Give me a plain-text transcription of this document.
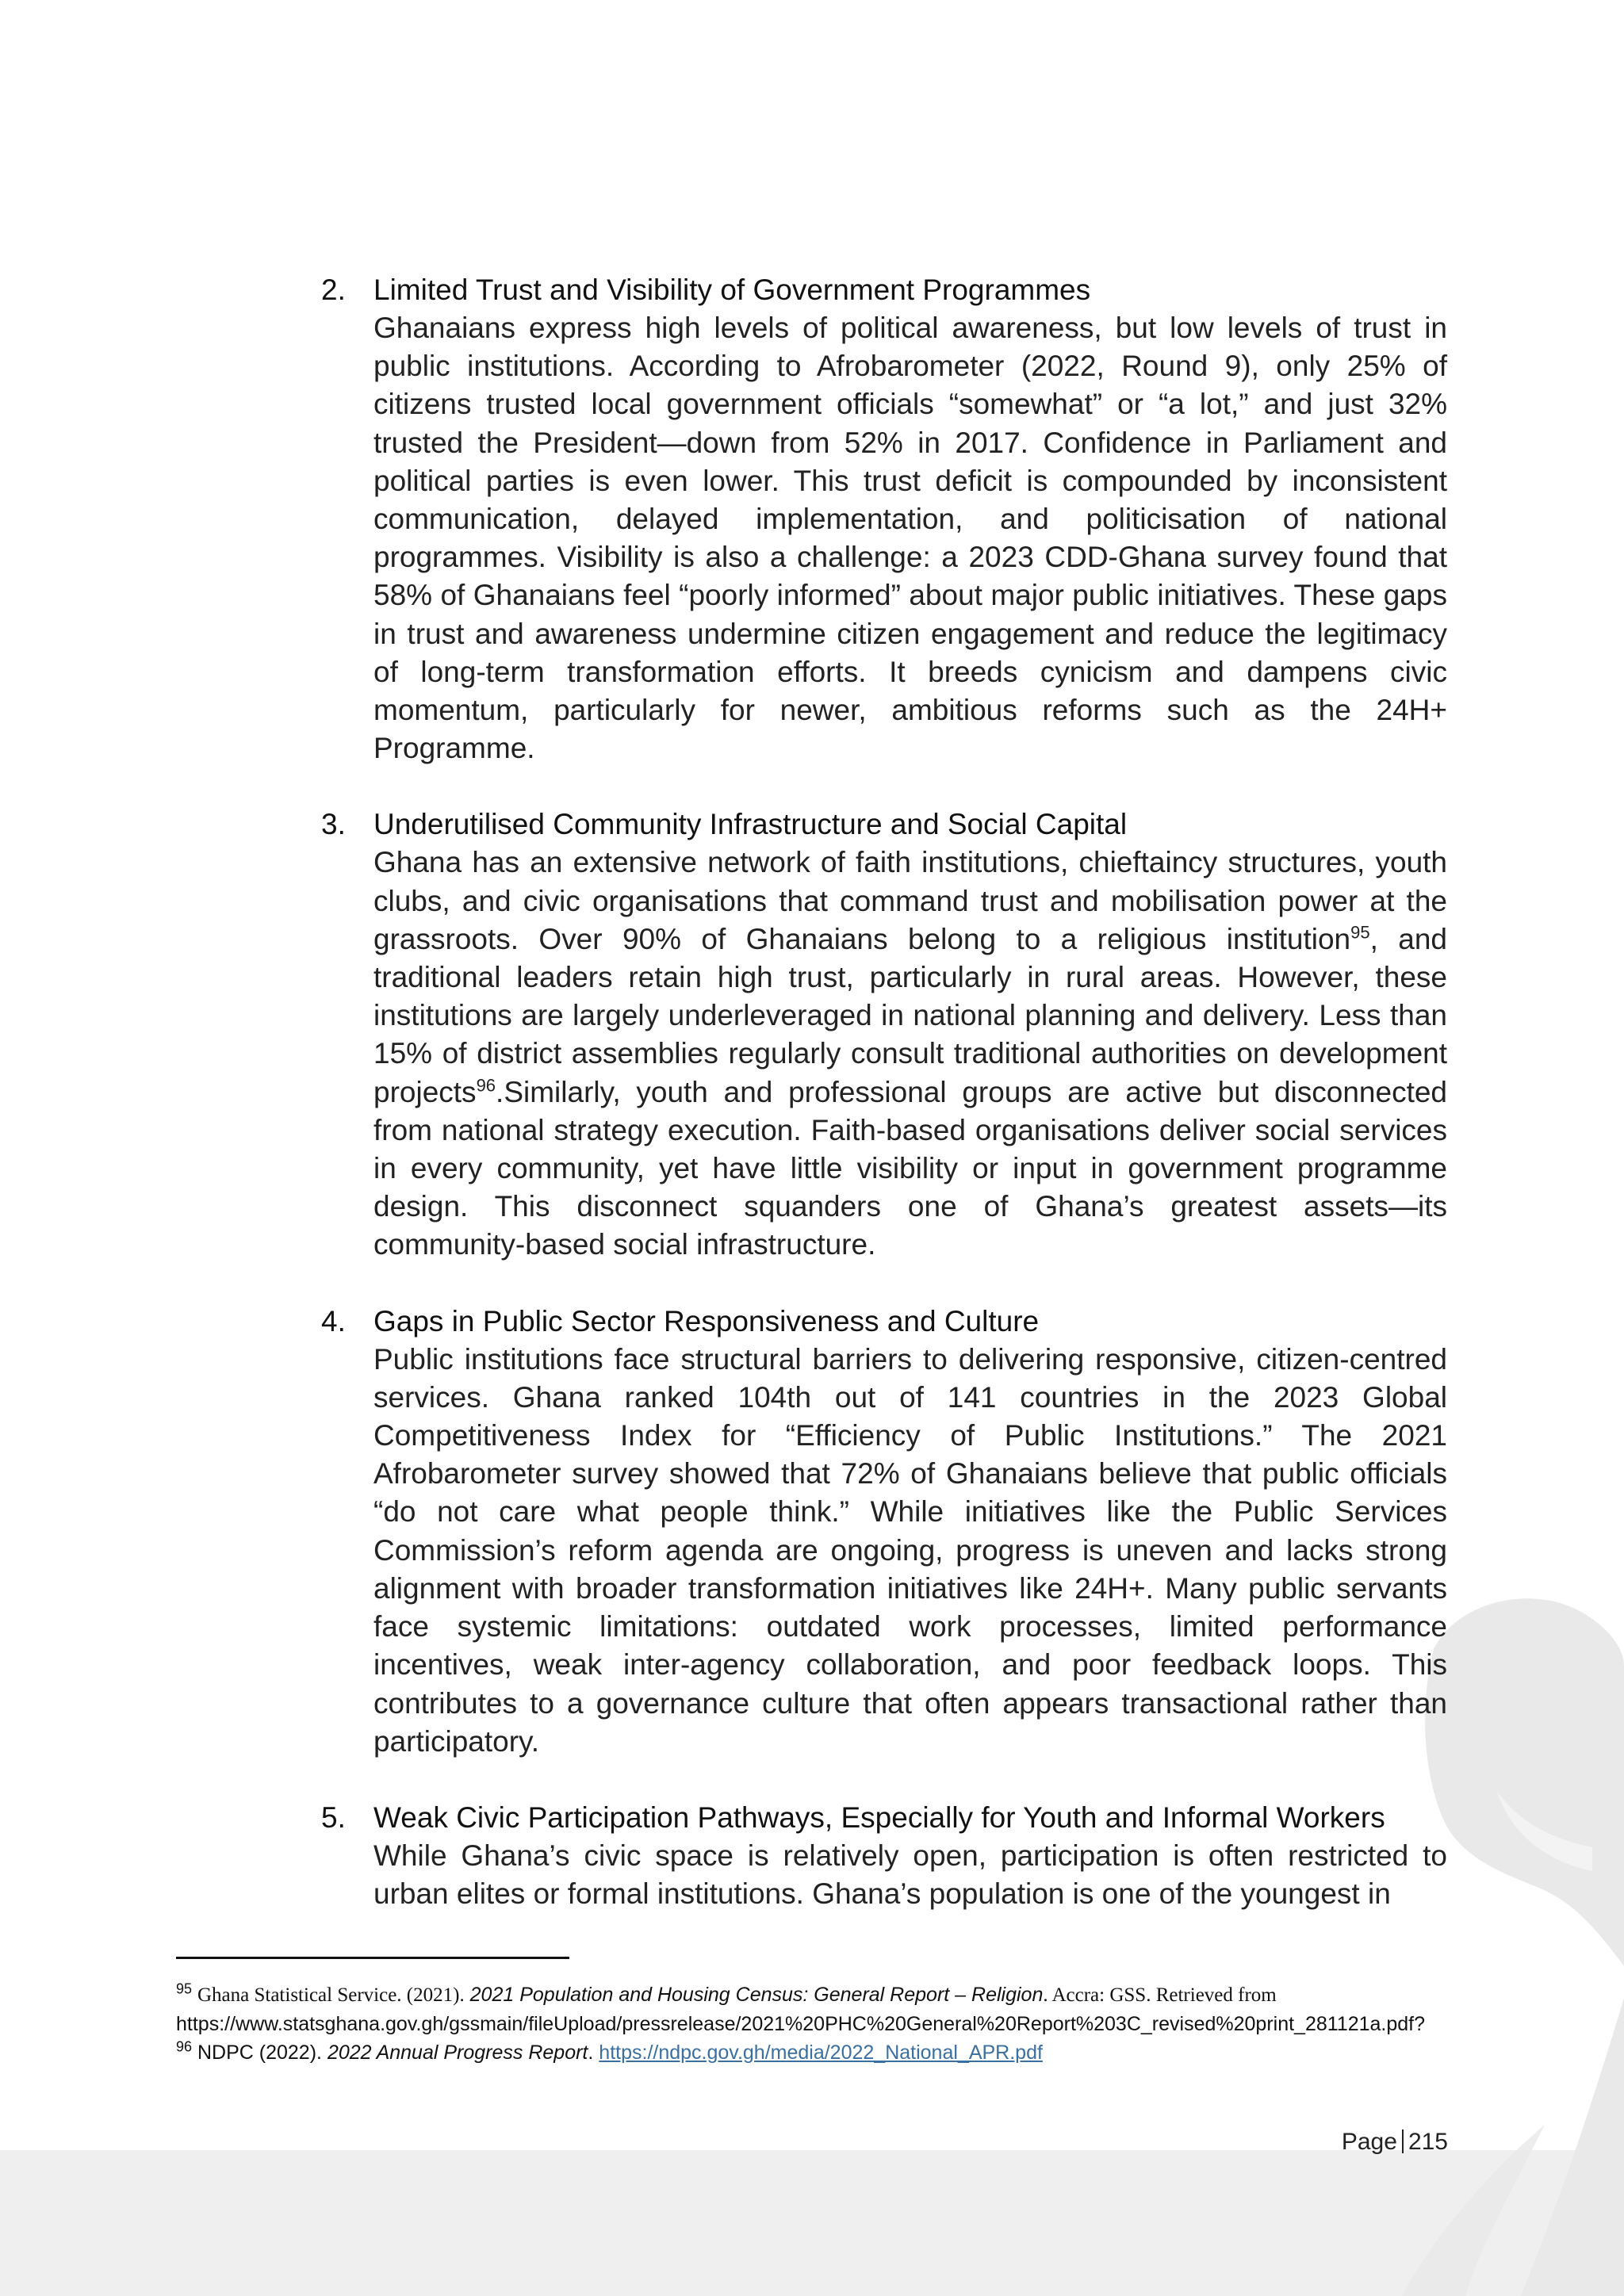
2. Limited Trust and Visibility of Government Programmes
Ghanaians express high levels of political awareness, but low levels of trust in public institutions. According to Afrobarometer (2022, Round 9), only 25% of citizens trusted local government officials “somewhat” or “a lot,” and just 32% trusted the President—down from 52% in 2017. Confidence in Parliament and political parties is even lower. This trust deficit is compounded by inconsistent communication, delayed implementation, and politicisation of national programmes. Visibility is also a challenge: a 2023 CDD-Ghana survey found that 58% of Ghanaians feel “poorly informed” about major public initiatives. These gaps in trust and awareness undermine citizen engagement and reduce the legitimacy of long-term transformation efforts. It breeds cynicism and dampens civic momentum, particularly for newer, ambitious reforms such as the 24H+ Programme.
3. Underutilised Community Infrastructure and Social Capital
Ghana has an extensive network of faith institutions, chieftaincy structures, youth clubs, and civic organisations that command trust and mobilisation power at the grassroots. Over 90% of Ghanaians belong to a religious institution$^{95}$, and traditional leaders retain high trust, particularly in rural areas. However, these institutions are largely underleveraged in national planning and delivery. Less than 15% of district assemblies regularly consult traditional authorities on development projects$^{96}$.Similarly, youth and professional groups are active but disconnected from national strategy execution. Faith-based organisations deliver social services in every community, yet have little visibility or input in government programme design. This disconnect squanders one of Ghana’s greatest assets—its community-based social infrastructure.
4. Gaps in Public Sector Responsiveness and Culture
Public institutions face structural barriers to delivering responsive, citizen-centred services. Ghana ranked 104th out of 141 countries in the 2023 Global Competitiveness Index for “Efficiency of Public Institutions.” The 2021 Afrobarometer survey showed that 72% of Ghanaians believe that public officials “do not care what people think.” While initiatives like the Public Services Commission’s reform agenda are ongoing, progress is uneven and lacks strong alignment with broader transformation initiatives like 24H+. Many public servants face systemic limitations: outdated work processes, limited performance incentives, weak inter-agency collaboration, and poor feedback loops. This contributes to a governance culture that often appears transactional rather than participatory.
5. Weak Civic Participation Pathways, Especially for Youth and Informal Workers
While Ghana’s civic space is relatively open, participation is often restricted to urban elites or formal institutions. Ghana’s population is one of the youngest in

$^{95}$ Ghana Statistical Service. (2021). 2021 Population and Housing Census: General Report – Religion. Accra: GSS. Retrieved from
https://www.statsghana.gov.gh/gssmain/fileUpload/pressrelease/2021%20PHC%20General%20Report%203C_revised%20print_281121a.pdf?

$^{96}$ NDPC (2022). 2022 Annual Progress Report. https://ndpc.gov.gh/media/2022_National_APR.pdf

Page 215
